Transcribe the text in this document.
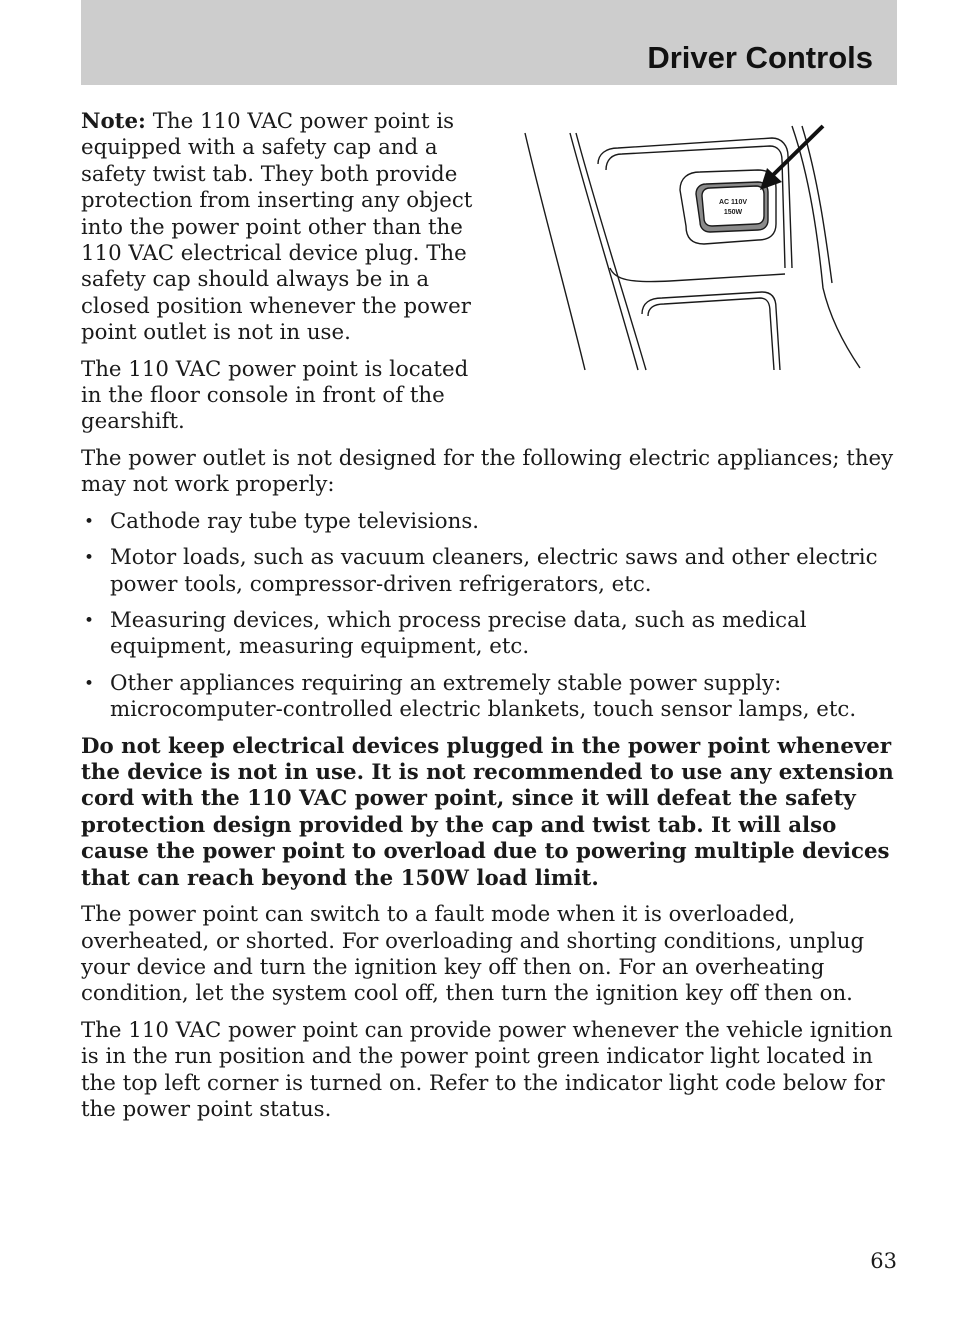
Driver Controls

Note: The 110 VAC power point is equipped with a safety cap and a safety twist tab. They both provide protection from inserting any object into the power point other than the 110 VAC electrical device plug. The safety cap should always be in a closed position whenever the power point outlet is not in use.

The 110 VAC power point is located in the floor console in front of the gearshift.

AC 110V
150W

The power outlet is not designed for the following electric appliances; they may not work properly:

• Cathode ray tube type televisions.
• Motor loads, such as vacuum cleaners, electric saws and other electric power tools, compressor-driven refrigerators, etc.
• Measuring devices, which process precise data, such as medical equipment, measuring equipment, etc.
• Other appliances requiring an extremely stable power supply: microcomputer-controlled electric blankets, touch sensor lamps, etc.

Do not keep electrical devices plugged in the power point whenever the device is not in use. It is not recommended to use any extension cord with the 110 VAC power point, since it will defeat the safety protection design provided by the cap and twist tab. It will also cause the power point to overload due to powering multiple devices that can reach beyond the 150W load limit.

The power point can switch to a fault mode when it is overloaded, overheated, or shorted. For overloading and shorting conditions, unplug your device and turn the ignition key off then on. For an overheating condition, let the system cool off, then turn the ignition key off then on.

The 110 VAC power point can provide power whenever the vehicle ignition is in the run position and the power point green indicator light located in the top left corner is turned on. Refer to the indicator light code below for the power point status.

63
